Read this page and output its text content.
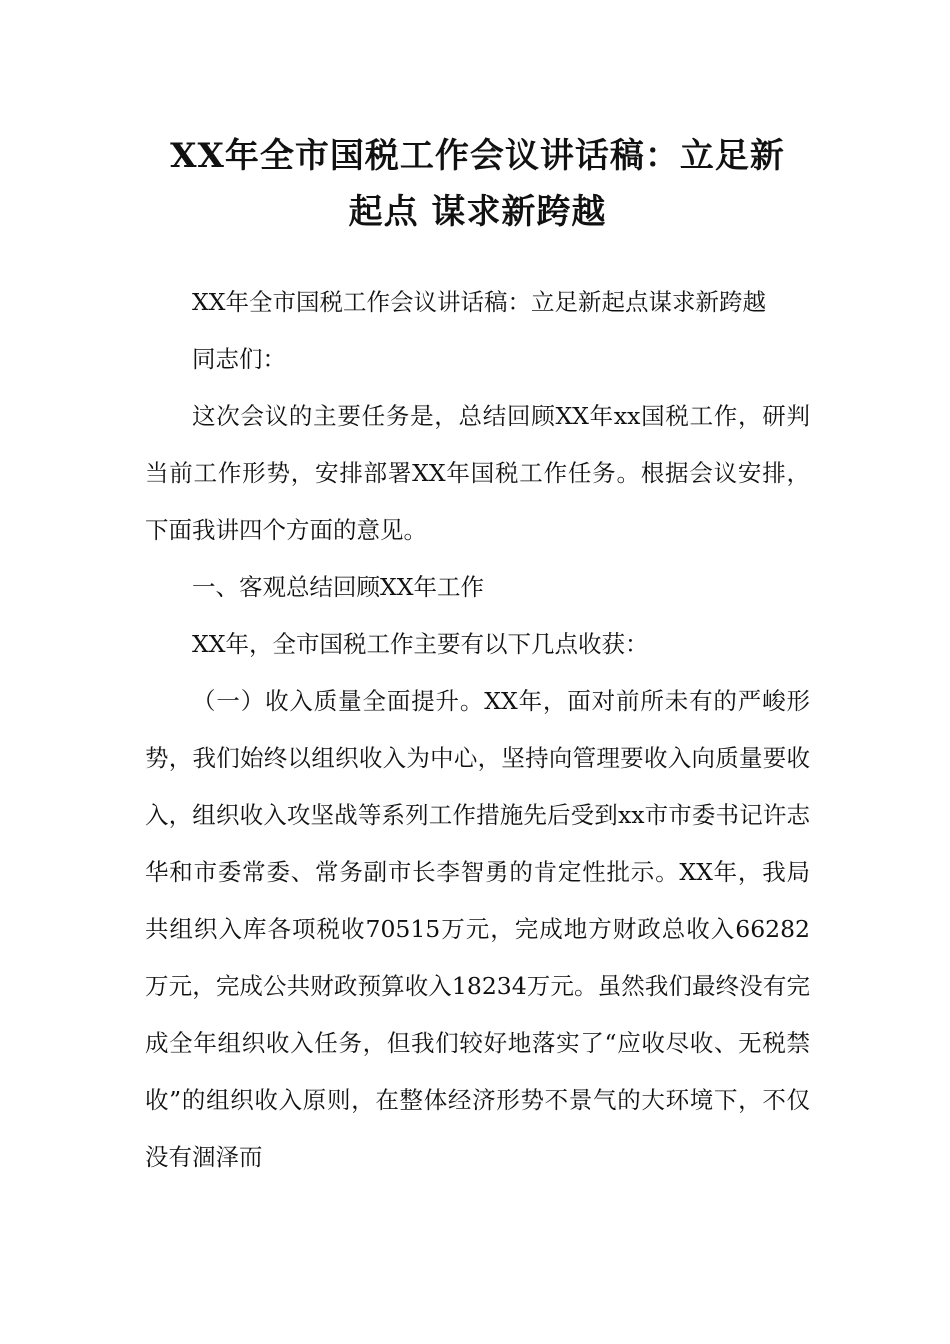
XX年全市国税工作会议讲话稿：立足新
起点 谋求新跨越

XX年全市国税工作会议讲话稿：立足新起点谋求新跨越

同志们：

这次会议的主要任务是，总结回顾XX年xx国税工作，研判当前工作形势，安排部署XX年国税工作任务。根据会议安排，下面我讲四个方面的意见。

一、客观总结回顾XX年工作

XX年，全市国税工作主要有以下几点收获：

（一）收入质量全面提升。XX年，面对前所未有的严峻形势，我们始终以组织收入为中心，坚持向管理要收入向质量要收入，组织收入攻坚战等系列工作措施先后受到xx市市委书记许志华和市委常委、常务副市长李智勇的肯定性批示。XX年，我局共组织入库各项税收70515万元，完成地方财政总收入66282万元，完成公共财政预算收入18234万元。虽然我们最终没有完成全年组织收入任务，但我们较好地落实了“应收尽收、无税禁收”的组织收入原则，在整体经济形势不景气的大环境下，不仅没有涸泽而
